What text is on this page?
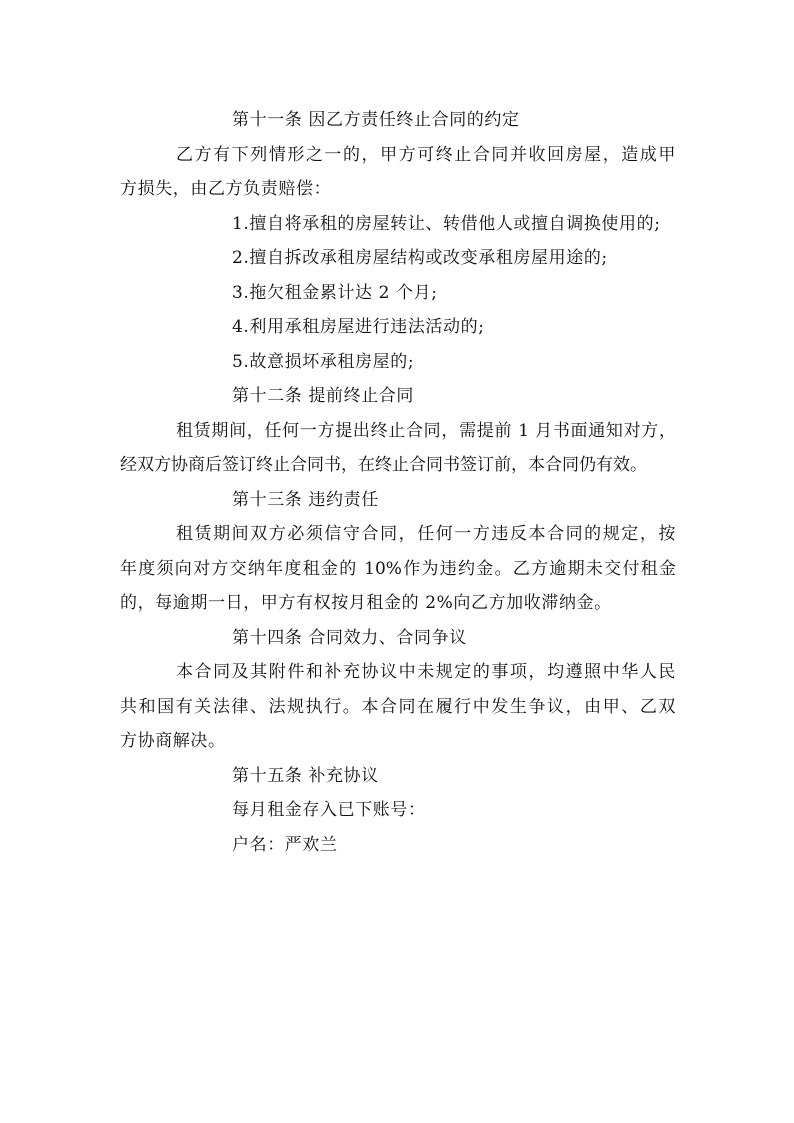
第十一条 因乙方责任终止合同的约定
乙方有下列情形之一的，甲方可终止合同并收回房屋，造成甲
方损失，由乙方负责赔偿：
1.擅自将承租的房屋转让、转借他人或擅自调换使用的;
2.擅自拆改承租房屋结构或改变承租房屋用途的;
3.拖欠租金累计达 2 个月;
4.利用承租房屋进行违法活动的;
5.故意损坏承租房屋的;
第十二条 提前终止合同
租赁期间，任何一方提出终止合同，需提前 1 月书面通知对方，
经双方协商后签订终止合同书，在终止合同书签订前，本合同仍有效。
第十三条 违约责任
租赁期间双方必须信守合同，任何一方违反本合同的规定，按
年度须向对方交纳年度租金的 10%作为违约金。乙方逾期未交付租金
的，每逾期一日，甲方有权按月租金的 2%向乙方加收滞纳金。
第十四条 合同效力、合同争议
本合同及其附件和补充协议中未规定的事项，均遵照中华人民
共和国有关法律、法规执行。本合同在履行中发生争议，由甲、乙双
方协商解决。
第十五条 补充协议
每月租金存入已下账号：
户名：严欢兰
